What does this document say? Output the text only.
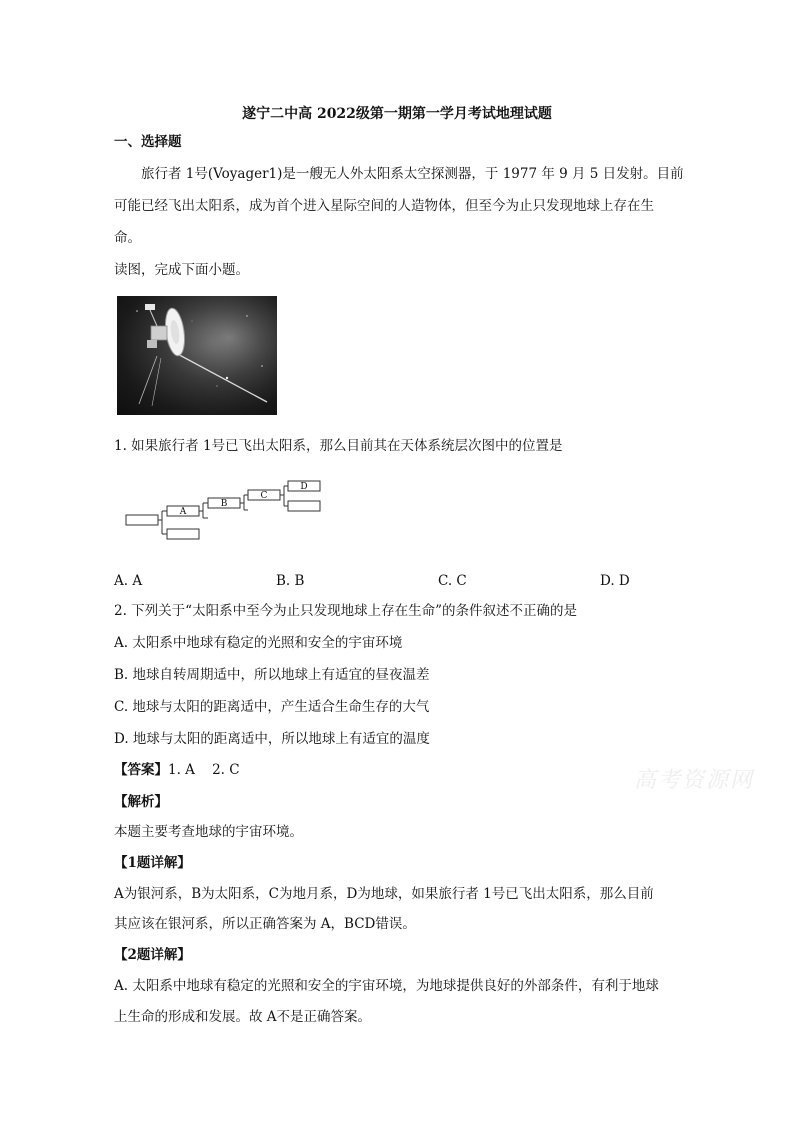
遂宁二中高 2022级第一期第一学月考试地理试题
一、选择题
旅行者 1号(Voyager1)是一艘无人外太阳系太空探测器，于 1977 年 9 月 5 日发射。目前
可能已经飞出太阳系，成为首个进入星际空间的人造物体，但至今为止只发现地球上存在生
命。
读图，完成下面小题。
1. 如果旅行者 1号已飞出太阳系，那么目前其在天体系统层次图中的位置是
A
B
C
D
A. A	B. B	C. C	D. D
2. 下列关于“太阳系中至今为止只发现地球上存在生命”的条件叙述不正确的是
A. 太阳系中地球有稳定的光照和安全的宇宙环境
B. 地球自转周期适中，所以地球上有适宜的昼夜温差
C. 地球与太阳的距离适中，产生适合生命生存的大气
D. 地球与太阳的距离适中，所以地球上有适宜的温度
【答案】1. A    2. C	高考资源网
【解析】
本题主要考查地球的宇宙环境。
【1题详解】
A为银河系，B为太阳系，C为地月系，D为地球，如果旅行者 1号已飞出太阳系，那么目前
其应该在银河系，所以正确答案为 A，BCD错误。
【2题详解】
A. 太阳系中地球有稳定的光照和安全的宇宙环境，为地球提供良好的外部条件，有利于地球
上生命的形成和发展。故 A不是正确答案。
